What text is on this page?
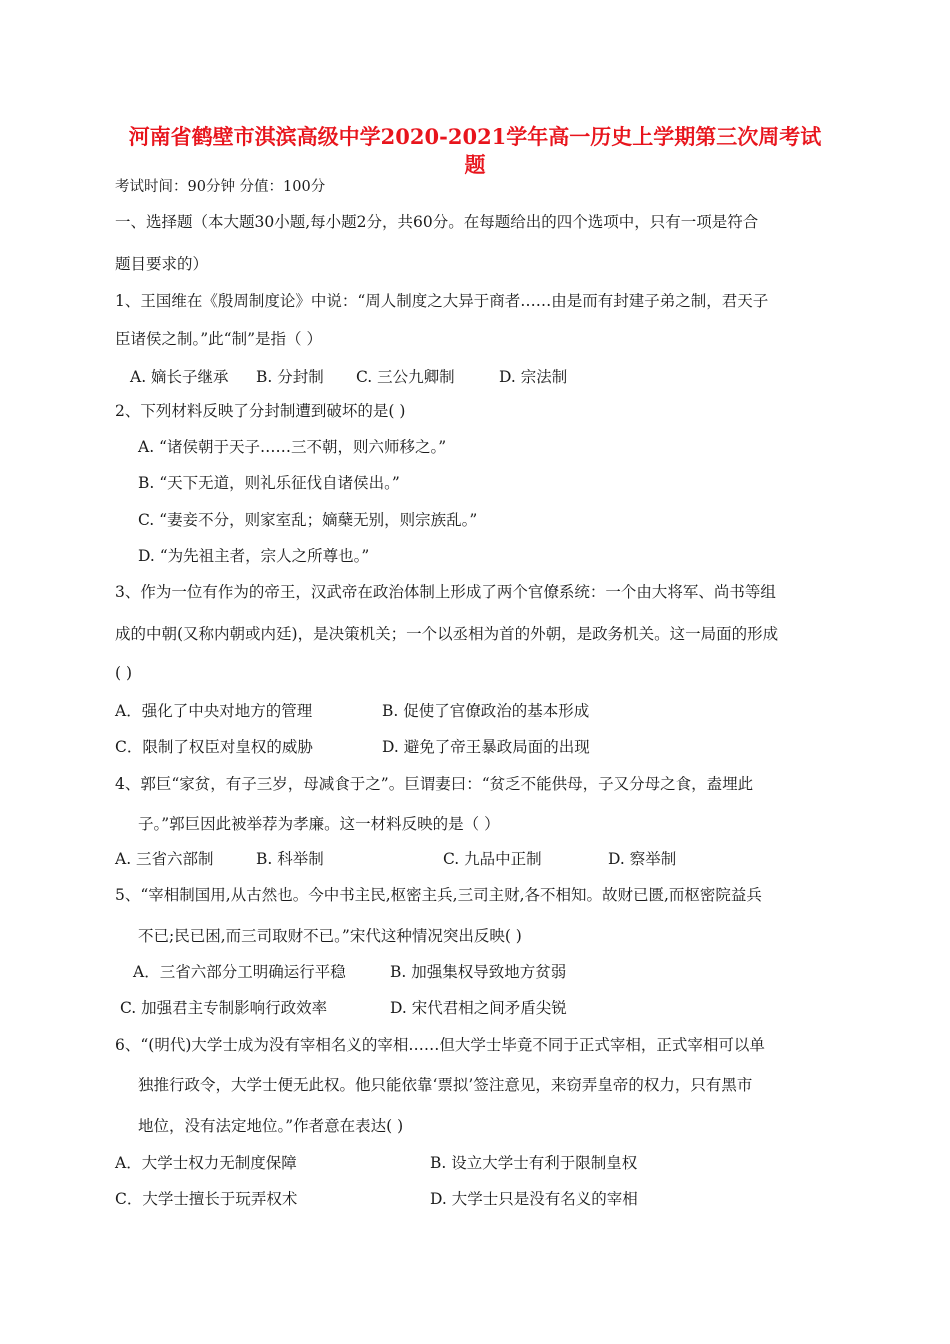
河南省鹤壁市淇滨高级中学2020-2021学年高一历史上学期第三次周考试
题
考试时间：90分钟 分值：100分
一、选择题（本大题30小题,每小题2分，共60分。在每题给出的四个选项中，只有一项是符合
题目要求的）
1、王国维在《殷周制度论》中说：“周人制度之大异于商者……由是而有封建子弟之制，君天子
臣诸侯之制。”此“制”是指（ ）
A. 嫡长子继承 B. 分封制 C. 三公九卿制	D. 宗法制
2、下列材料反映了分封制遭到破坏的是( )
A. “诸侯朝于天子……三不朝，则六师移之。”
B. “天下无道，则礼乐征伐自诸侯出。”
C. “妻妾不分，则家室乱；嫡蘖无别，则宗族乱。”
D. “为先祖主者，宗人之所尊也。”
3、作为一位有作为的帝王，汉武帝在政治体制上形成了两个官僚系统：一个由大将军、尚书等组
成的中朝(又称内朝或内廷)，是决策机关；一个以丞相为首的外朝，是政务机关。这一局面的形成
( )
A．强化了中央对地方的管理	B. 促使了官僚政治的基本形成
C．限制了权臣对皇权的威胁	D. 避免了帝王暴政局面的出现
4、郭巨“家贫，有子三岁，母减食于之”。巨谓妻曰：“贫乏不能供母，子又分母之食，盍埋此
子。”郭巨因此被举荐为孝廉。这一材料反映的是（ ）
A. 三省六部制	B. 科举制	C. 九品中正制	D. 察举制
5、“宰相制国用,从古然也。今中书主民,枢密主兵,三司主财,各不相知。故财已匮,而枢密院益兵
不已;民已困,而三司取财不已。”宋代这种情况突出反映( )
A．三省六部分工明确运行平稳	B. 加强集权导致地方贫弱
C. 加强君主专制影响行政效率	D. 宋代君相之间矛盾尖锐
6、“(明代)大学士成为没有宰相名义的宰相……但大学士毕竟不同于正式宰相，正式宰相可以单
独推行政令，大学士便无此权。他只能依靠‘票拟’签注意见，来窃弄皇帝的权力，只有黑市
地位，没有法定地位。”作者意在表达( )
A．大学士权力无制度保障	B. 设立大学士有利于限制皇权
C．大学士擅长于玩弄权术	D. 大学士只是没有名义的宰相
